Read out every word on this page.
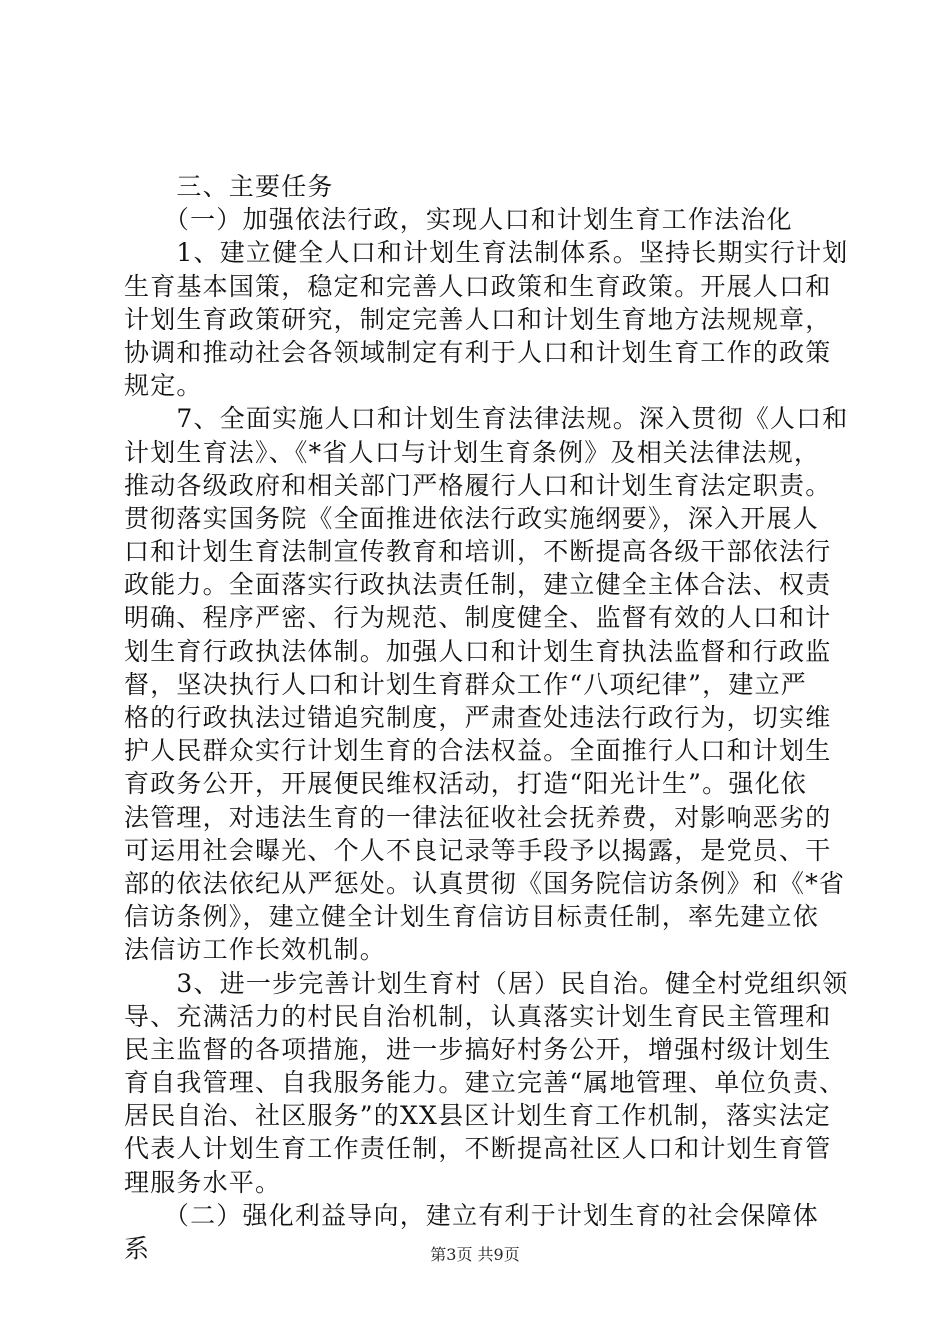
　　三、主要任务
　　（一）加强依法行政，实现人口和计划生育工作法治化
　　1、建立健全人口和计划生育法制体系。坚持长期实行计划
生育基本国策，稳定和完善人口政策和生育政策。开展人口和
计划生育政策研究，制定完善人口和计划生育地方法规规章，
协调和推动社会各领域制定有利于人口和计划生育工作的政策
规定。
　　7、全面实施人口和计划生育法律法规。深入贯彻《人口和
计划生育法》、《*省人口与计划生育条例》及相关法律法规，
推动各级政府和相关部门严格履行人口和计划生育法定职责。
贯彻落实国务院《全面推进依法行政实施纲要》，深入开展人
口和计划生育法制宣传教育和培训，不断提高各级干部依法行
政能力。全面落实行政执法责任制，建立健全主体合法、权责
明确、程序严密、行为规范、制度健全、监督有效的人口和计
划生育行政执法体制。加强人口和计划生育执法监督和行政监
督，坚决执行人口和计划生育群众工作“八项纪律”，建立严
格的行政执法过错追究制度，严肃查处违法行政行为，切实维
护人民群众实行计划生育的合法权益。全面推行人口和计划生
育政务公开，开展便民维权活动，打造“阳光计生”。强化依
法管理，对违法生育的一律法征收社会抚养费，对影响恶劣的
可运用社会曝光、个人不良记录等手段予以揭露，是党员、干
部的依法依纪从严惩处。认真贯彻《国务院信访条例》和《*省
信访条例》，建立健全计划生育信访目标责任制，率先建立依
法信访工作长效机制。
　　3、进一步完善计划生育村（居）民自治。健全村党组织领
导、充满活力的村民自治机制，认真落实计划生育民主管理和
民主监督的各项措施，进一步搞好村务公开，增强村级计划生
育自我管理、自我服务能力。建立完善“属地管理、单位负责、
居民自治、社区服务”的XX县区计划生育工作机制，落实法定
代表人计划生育工作责任制，不断提高社区人口和计划生育管
理服务水平。
　　（二）强化利益导向，建立有利于计划生育的社会保障体
系	第3页 共9页
